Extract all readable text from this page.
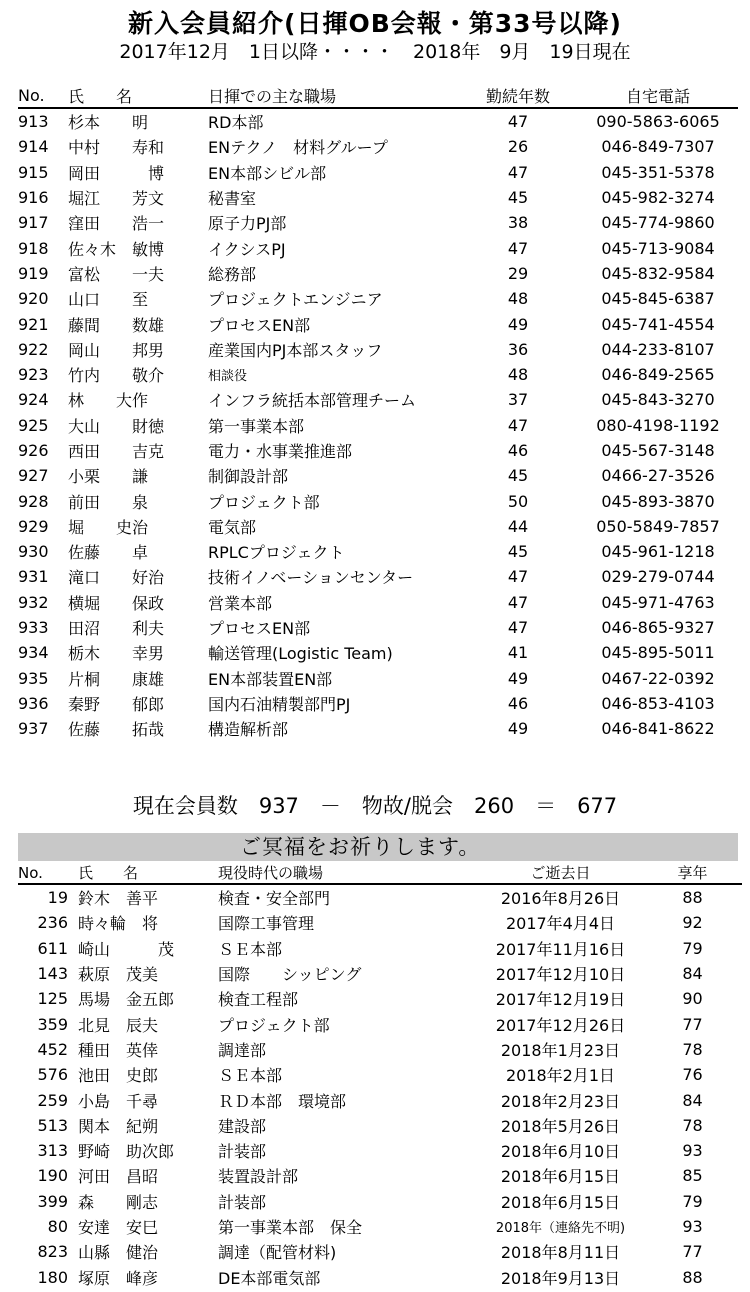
新入会員紹介(日揮OB会報・第33号以降)
2017年12月　1日以降・・・・　2018年　9月　19日現在
No.	氏　　名	日揮での主な職場	勤続年数	自宅電話
913	杉本　　明	RD本部	47	090-5863-6065
914	中村　　寿和	ENテクノ　材料グループ	26	046-849-7307
915	岡田　　　博	EN本部シビル部	47	045-351-5378
916	堀江　　芳文	秘書室	45	045-982-3274
917	窪田　　浩一	原子力PJ部	38	045-774-9860
918	佐々木　敏博	イクシスPJ	47	045-713-9084
919	富松　　一夫	総務部	29	045-832-9584
920	山口　　至	プロジェクトエンジニア	48	045-845-6387
921	藤間　　数雄	プロセスEN部	49	045-741-4554
922	岡山　　邦男	産業国内PJ本部スタッフ	36	044-233-8107
923	竹内　　敬介	相談役	48	046-849-2565
924	林　　大作	インフラ統括本部管理チーム	37	045-843-3270
925	大山　　財徳	第一事業本部	47	080-4198-1192
926	西田　　吉克	電力・水事業推進部	46	045-567-3148
927	小栗　　謙	制御設計部	45	0466-27-3526
928	前田　　泉	プロジェクト部	50	045-893-3870
929	堀　　史治	電気部	44	050-5849-7857
930	佐藤　　卓	RPLCプロジェクト	45	045-961-1218
931	滝口　　好治	技術イノベーションセンター	47	029-279-0744
932	横堀　　保政	営業本部	47	045-971-4763
933	田沼　　利夫	プロセスEN部	47	046-865-9327
934	栃木　　幸男	輸送管理(Logistic Team)	41	045-895-5011
935	片桐　　康雄	EN本部装置EN部	49	0467-22-0392
936	秦野　　郁郎	国内石油精製部門PJ	46	046-853-4103
937	佐藤　　拓哉	構造解析部	49	046-841-8622
現在会員数　937　－　物故/脱会　260　＝　677
ご冥福をお祈りします。
No.	氏　　名	現役時代の職場	ご逝去日	享年
19	鈴木　善平	検査・安全部門	2016年8月26日	88
236	時々輪　将	国際工事管理	2017年4月4日	92
611	崎山　　　茂	ＳＥ本部	2017年11月16日	79
143	萩原　茂美	国際　　シッピング	2017年12月10日	84
125	馬場　金五郎	検査工程部	2017年12月19日	90
359	北見　辰夫	プロジェクト部	2017年12月26日	77
452	種田　英倖	調達部	2018年1月23日	78
576	池田　史郎	ＳＥ本部	2018年2月1日	76
259	小島　千尋	ＲＤ本部　環境部	2018年2月23日	84
513	関本　紀朔	建設部	2018年5月26日	78
313	野崎　助次郎	計装部	2018年6月10日	93
190	河田　昌昭	装置設計部	2018年6月15日	85
399	森　　剛志	計装部	2018年6月15日	79
80	安達　安巳	第一事業本部　保全	2018年（連絡先不明)	93
823	山縣　健治	調達（配管材料)	2018年8月11日	77
180	塚原　峰彦	DE本部電気部	2018年9月13日	88
